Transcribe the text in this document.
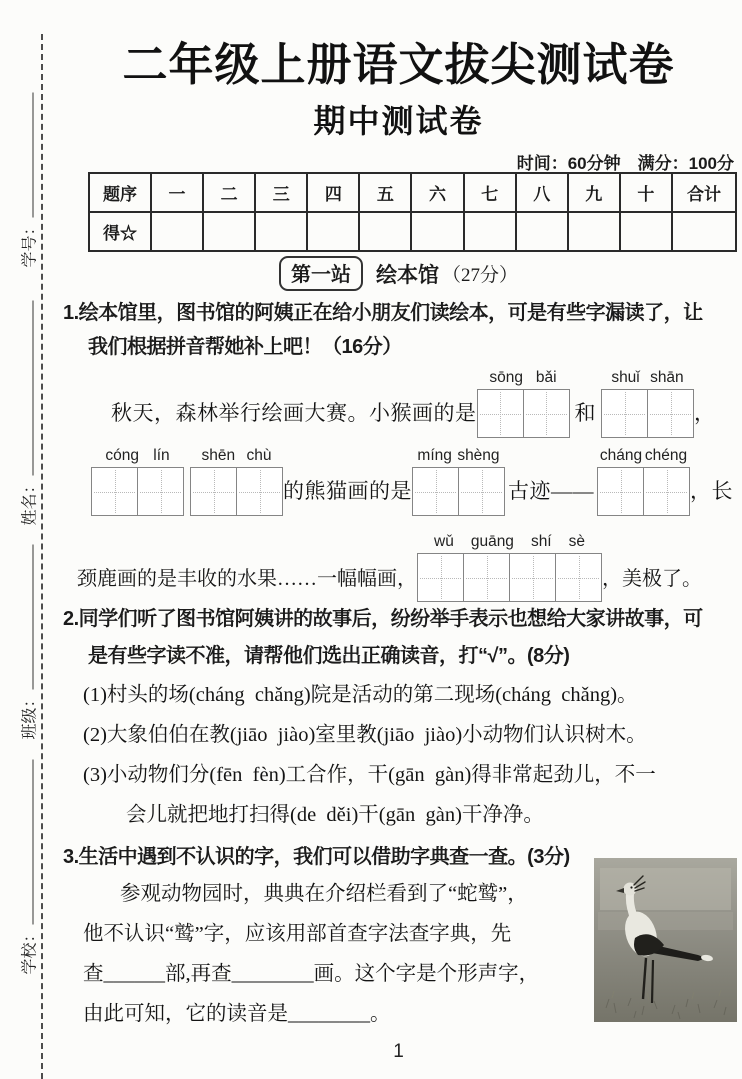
学号：
姓名：
班级：
学校：
二年级上册语文拔尖测试卷
期中测试卷
时间：60分钟　满分：100分
题序	一	二	三	四	五	六	七	八	九	十	合计
得☆											
第一站	绘本馆 （27分）
1.绘本馆里，图书馆的阿姨正在给小朋友们读绘本，可是有些字漏读了，让
我们根据拼音帮她补上吧！（16分）
秋天，森林举行绘画大赛。小猴画的是
sōng bǎi
和
shuǐ shān
，
cóng lín shēn chù
的熊猫画的是
míng shèng
古迹——
cháng chéng
，长
颈鹿画的是丰收的水果……一幅幅画，
wǔ guāng shí sè
，美极了。
2.同学们听了图书馆阿姨讲的故事后，纷纷举手表示也想给大家讲故事，可
是有些字读不准，请帮他们选出正确读音，打“√”。(8分)
(1)村头的场 •(cháng  chǎng)院是活动的第二现场 •(cháng  chǎng)。
(2)大象伯伯在教 •(jiāo  jiào)室里教 •(jiāo  jiào)小动物们认识树木。
(3)小动物们分 •(fēn  fèn)工合作，干 •(gān  gàn)得非常起劲儿，不一
会儿就把地打扫得 •(de  děi)干 •(gān  gàn)干净净。
3.生活中遇到不认识的字，我们可以借助字典查一查。(3分)
参观动物园时，典典在介绍栏看到了“蛇鹫”，
他不认识“鹫”字，应该用部首查字法查字典，先
查______部,再查________画。这个字是个形声字，
由此可知，它的读音是________。
1
